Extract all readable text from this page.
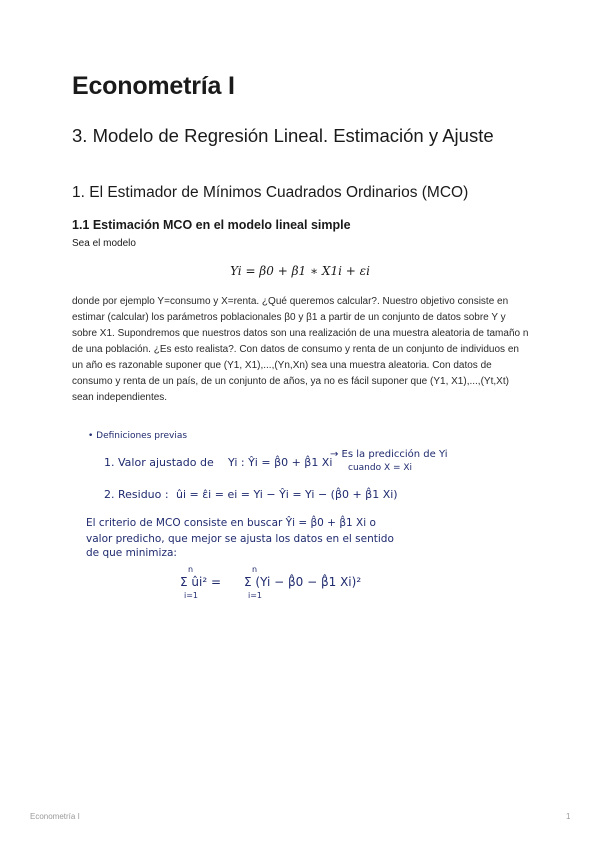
Econometría I
3. Modelo de Regresión Lineal. Estimación y Ajuste
1. El Estimador de Mínimos Cuadrados Ordinarios (MCO)
1.1 Estimación MCO en el modelo lineal simple
Sea el modelo
Yi = β0 + β1 ∗ X1i + εi
donde por ejemplo Y=consumo y X=renta. ¿Qué queremos calcular?. Nuestro objetivo consiste en estimar (calcular) los parámetros poblacionales β0 y β1 a partir de un conjunto de datos sobre Y y sobre X1. Supondremos que nuestros datos son una realización de una muestra aleatoria de tamaño n de una población. ¿Es esto realista?. Con datos de consumo y renta de un conjunto de individuos en un año es razonable suponer que (Y1, X1),...,(Yn,Xn) sea una muestra aleatoria. Con datos de consumo y renta de un país, de un conjunto de años, ya no es fácil suponer que (Y1, X1),...,(Yt,Xt) sean independientes.
• Definiciones previas
1. Valor ajustado de Yi : Ŷi = β̂0 + β̂1 Xi
→ Es la predicción de Yi
cuando X = Xi
2. Residuo : ûi = ε̂i = ei = Yi − Ŷi = Yi − (β̂0 + β̂1 Xi)
El criterio de MCO consiste en buscar Ŷi = β̂0 + β̂1 Xi o
valor predicho, que mejor se ajusta los datos en el sentido
de que minimiza:
n
Σ ûi² =
i=1
n
Σ (Yi − β̂0 − β̂1 Xi)²
i=1
Econometría I	1
